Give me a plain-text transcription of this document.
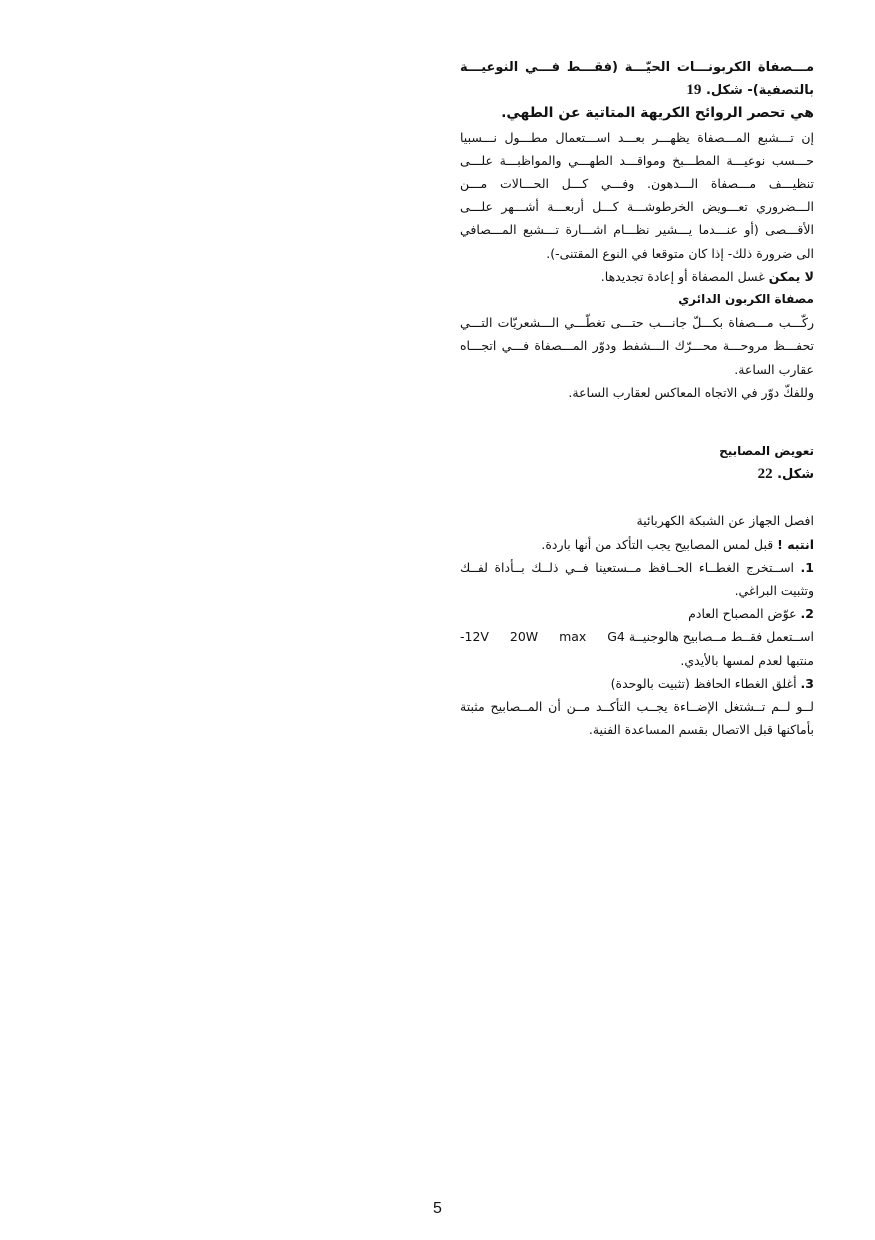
مـــصفاة الكربونـــات الحيّـــة (فقـــط فـــي النوعيـــة بالتصفية)- شكل. 19

هي تحصر الروائح الكريهة المتاتية عن الطهي.

إن تـــشبع المـــصفاة يظهـــر بعـــد اســـتعمال مطـــول نـــسبيا حـــسب نوعيـــة المطـــبخ ومواقـــد الطهـــي والمواظبـــة علـــى تنظيـــف مـــصفاة الـــدهون. وفـــي كـــل الحـــالات مـــن الـــضروري تعـــويض الخرطوشـــة كـــل أربعـــة أشـــهر علـــى الأقـــصى (أو عنـــدما يـــشير نظـــام اشـــارة تـــشبع المـــصافي الى ضرورة ذلك- إذا كان متوقعا في النوع المقتنى-).

لا يمكن غسل المصفاة أو إعادة تجديدها.

مصفاة الكربون الدائري

ركّـــب مـــصفاة بكـــلّ جانـــب حتـــى تغطّـــي الـــشعريّات التـــي تحفـــظ مروحـــة محـــرّك الـــشفط ودوّر المـــصفاة فـــي اتجـــاه عقارب الساعة.

وللفكّ دوّر في الاتجاه المعاكس لعقارب الساعة.

تعويض المصابيح

شكل. 22

افصل الجهاز عن الشبكة الكهربائية

انتبه ! قبل لمس المصابيح يجب التأكد من أنها باردة.

1. اســتخرج الغطــاء الحــافظ مــستعينا فــي ذلــك بــأداة لفــك وتثبيت البراغي.

2. عوّض المصباح العادم

اســتعمل فقــط مــصابيح هالوجنيــة G4
max
20W
-12V

منتبها لعدم لمسها بالأيدي.

3. أغلق الغطاء الحافظ (تثبيت بالوحدة)

لــو لــم تــشتغل الإضــاءة يجــب التأكــد مــن أن المــصابيح مثبتة بأماكنها قبل الاتصال بقسم المساعدة الفنية.

5
